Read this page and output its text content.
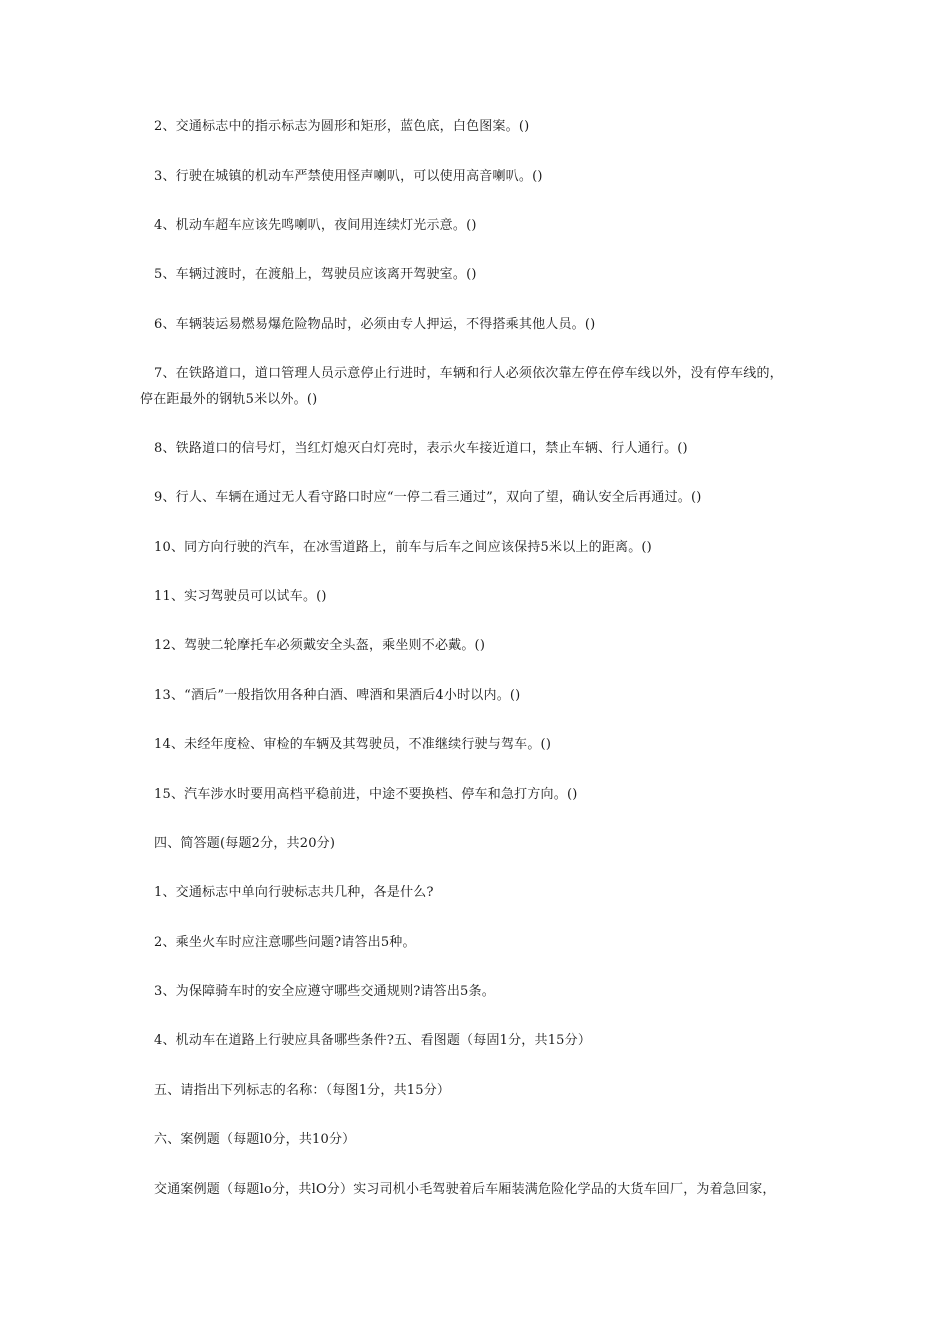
2、交通标志中的指示标志为圆形和矩形，蓝色底，白色图案。()
3、行驶在城镇的机动车严禁使用怪声喇叭，可以使用高音喇叭。()
4、机动车超车应该先鸣喇叭，夜间用连续灯光示意。()
5、车辆过渡时，在渡船上，驾驶员应该离开驾驶室。()
6、车辆装运易燃易爆危险物品时，必须由专人押运，不得搭乘其他人员。()
7、在铁路道口，道口管理人员示意停止行进时，车辆和行人必须依次靠左停在停车线以外，没有停车线的，
停在距最外的钢轨5米以外。()
8、铁路道口的信号灯，当红灯熄灭白灯亮时，表示火车接近道口，禁止车辆、行人通行。()
9、行人、车辆在通过无人看守路口时应“一停二看三通过”，双向了望，确认安全后再通过。()
10、同方向行驶的汽车，在冰雪道路上，前车与后车之间应该保持5米以上的距离。()
11、实习驾驶员可以试车。()
12、驾驶二轮摩托车必须戴安全头盔，乘坐则不必戴。()
13、“酒后”一般指饮用各种白酒、啤酒和果酒后4小时以内。()
14、未经年度检、审检的车辆及其驾驶员，不准继续行驶与驾车。()
15、汽车涉水时要用高档平稳前进，中途不要换档、停车和急打方向。()
四、简答题(每题2分，共20分)
1、交通标志中单向行驶标志共几种，各是什么?
2、乘坐火车时应注意哪些问题?请答出5种。
3、为保障骑车时的安全应遵守哪些交通规则?请答出5条。
4、机动车在道路上行驶应具备哪些条件?五、看图题（每固1分，共15分）
五、请指出下列标志的名称：（每图1分，共15分）
六、案例题（每题l0分，共10分）
交通案例题（每题lo分，共lO分）实习司机小毛驾驶着后车厢装满危险化学品的大货车回厂，为着急回家，
